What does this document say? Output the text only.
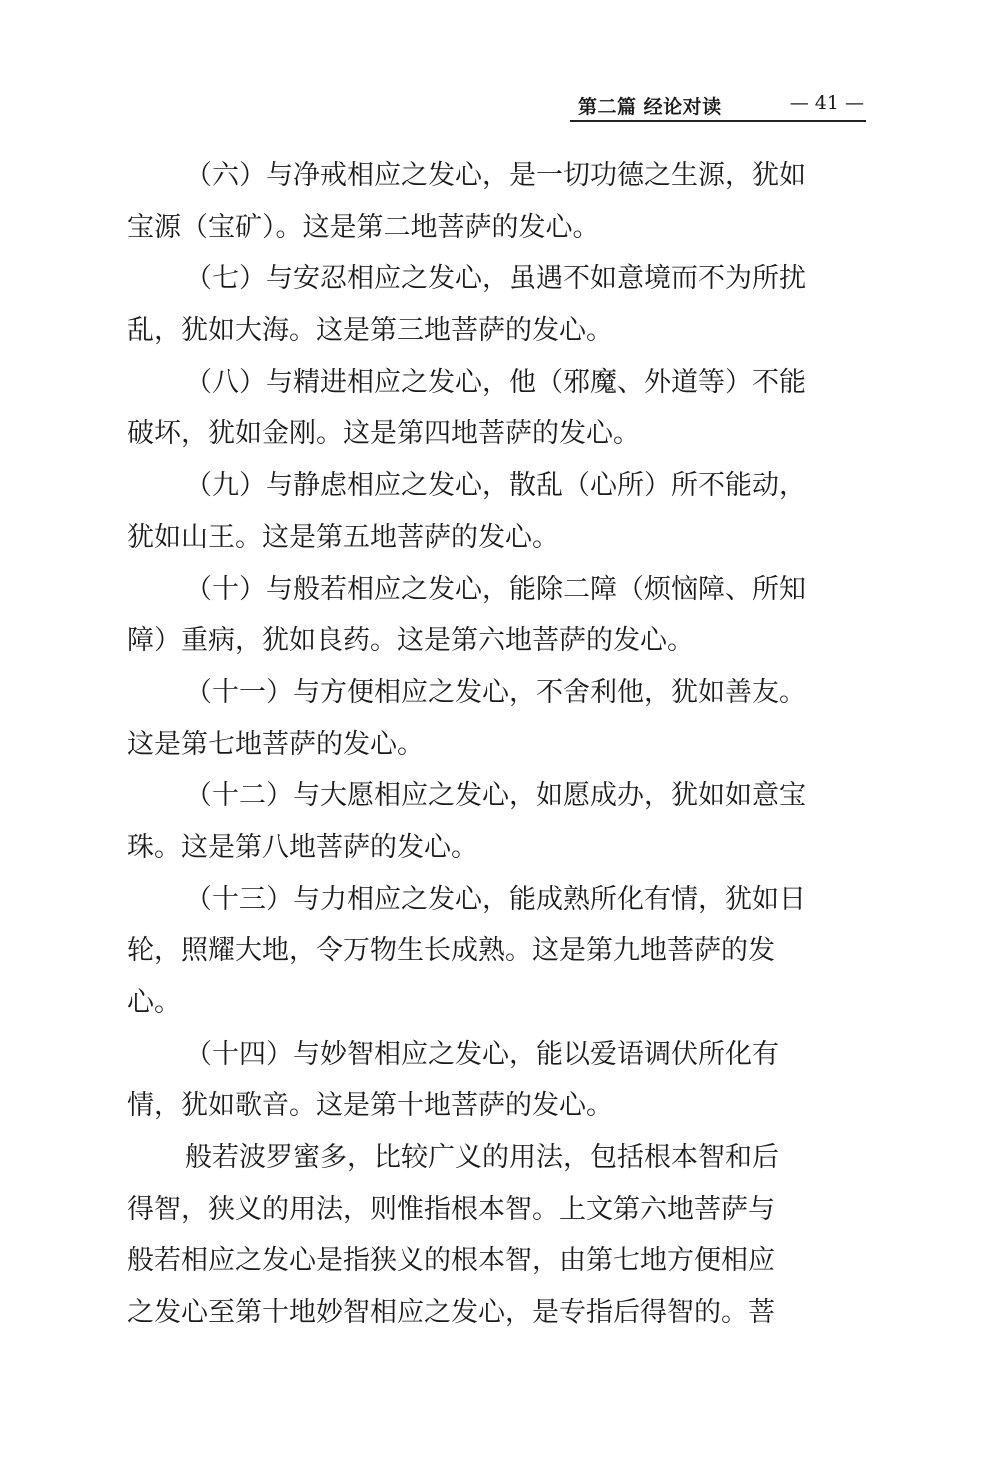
第二篇 经论对读	— 41 —
（六）与净戒相应之发心，是一切功德之生源，犹如
宝源（宝矿）。这是第二地菩萨的发心。
（七）与安忍相应之发心，虽遇不如意境而不为所扰
乱，犹如大海。这是第三地菩萨的发心。
（八）与精进相应之发心，他（邪魔、外道等）不能
破坏，犹如金刚。这是第四地菩萨的发心。
（九）与静虑相应之发心，散乱（心所）所不能动，
犹如山王。这是第五地菩萨的发心。
（十）与般若相应之发心，能除二障（烦恼障、所知
障）重病，犹如良药。这是第六地菩萨的发心。
（十一）与方便相应之发心，不舍利他，犹如善友。
这是第七地菩萨的发心。
（十二）与大愿相应之发心，如愿成办，犹如如意宝
珠。这是第八地菩萨的发心。
（十三）与力相应之发心，能成熟所化有情，犹如日
轮，照耀大地，令万物生长成熟。这是第九地菩萨的发
心。
（十四）与妙智相应之发心，能以爱语调伏所化有
情，犹如歌音。这是第十地菩萨的发心。
般若波罗蜜多，比较广义的用法，包括根本智和后
得智，狭义的用法，则惟指根本智。上文第六地菩萨与
般若相应之发心是指狭义的根本智，由第七地方便相应
之发心至第十地妙智相应之发心，是专指后得智的。菩
